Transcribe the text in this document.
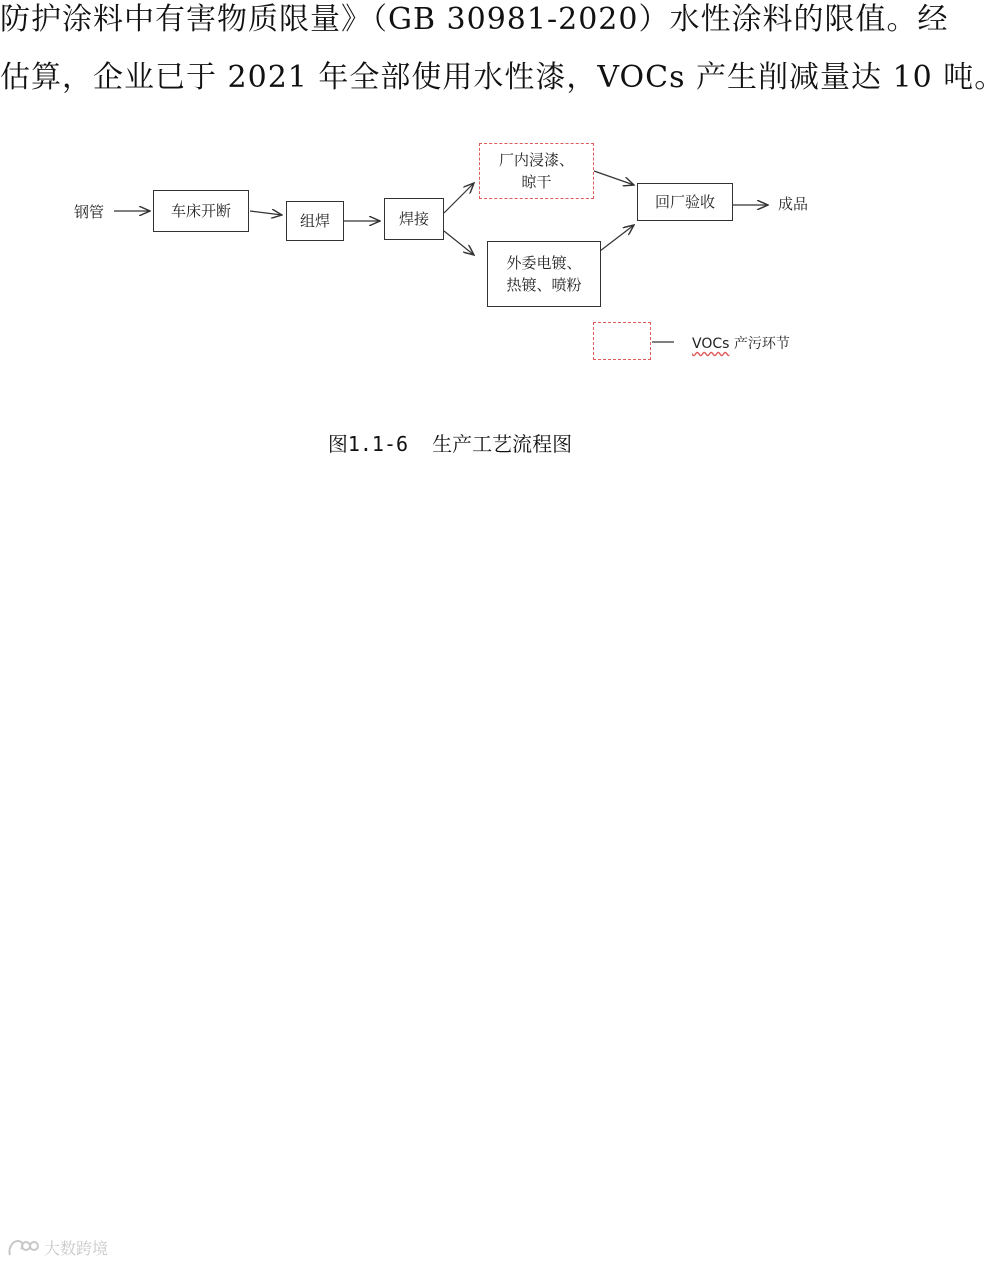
防护涂料中有害物质限量》（GB 30981-2020）水性涂料的限值。经
估算，企业已于 2021 年全部使用水性漆，VOCs 产生削减量达 10 吨。
钢管	车床开断
组焊	焊接
厂内浸漆、
晾干
外委电镀、
热镀、喷粉
回厂验收	成品
VOCs 产污环节
图1.1-6  生产工艺流程图
大数跨境
